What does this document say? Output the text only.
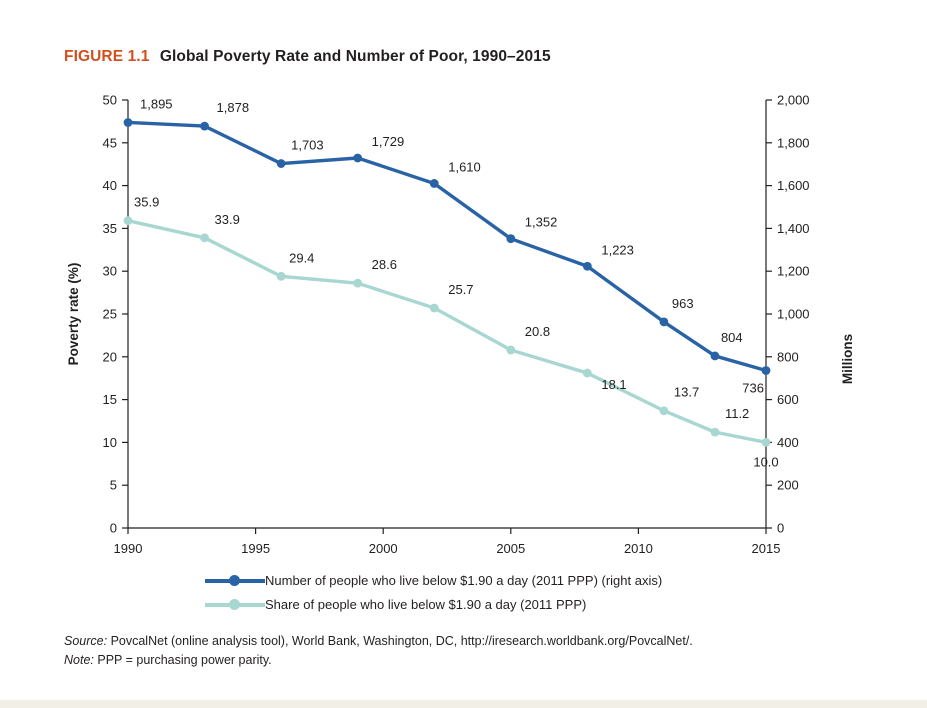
FIGURE 1.1 Global Poverty Rate and Number of Poor, 1990–2015
0
5
10
15
20
25
30
35
40
45
50
0
200
400
600
800
1,000
1,200
1,400
1,600
1,800
2,000
1990	1995	2000	2005	2010	2015
Poverty rate (%)	Millions
1,895	1,878
1,703	1,729
1,610
1,352
1,223
963
804
736
35.9
33.9
29.4	28.6
25.7
20.8
18.1
13.7
11.2
10.0
Number of people who live below $1.90 a day (2011 PPP) (right axis)
Share of people who live below $1.90 a day (2011 PPP)
Source: PovcalNet (online analysis tool), World Bank, Washington, DC, http://iresearch.worldbank.org/PovcalNet/.
Note: PPP = purchasing power parity.
